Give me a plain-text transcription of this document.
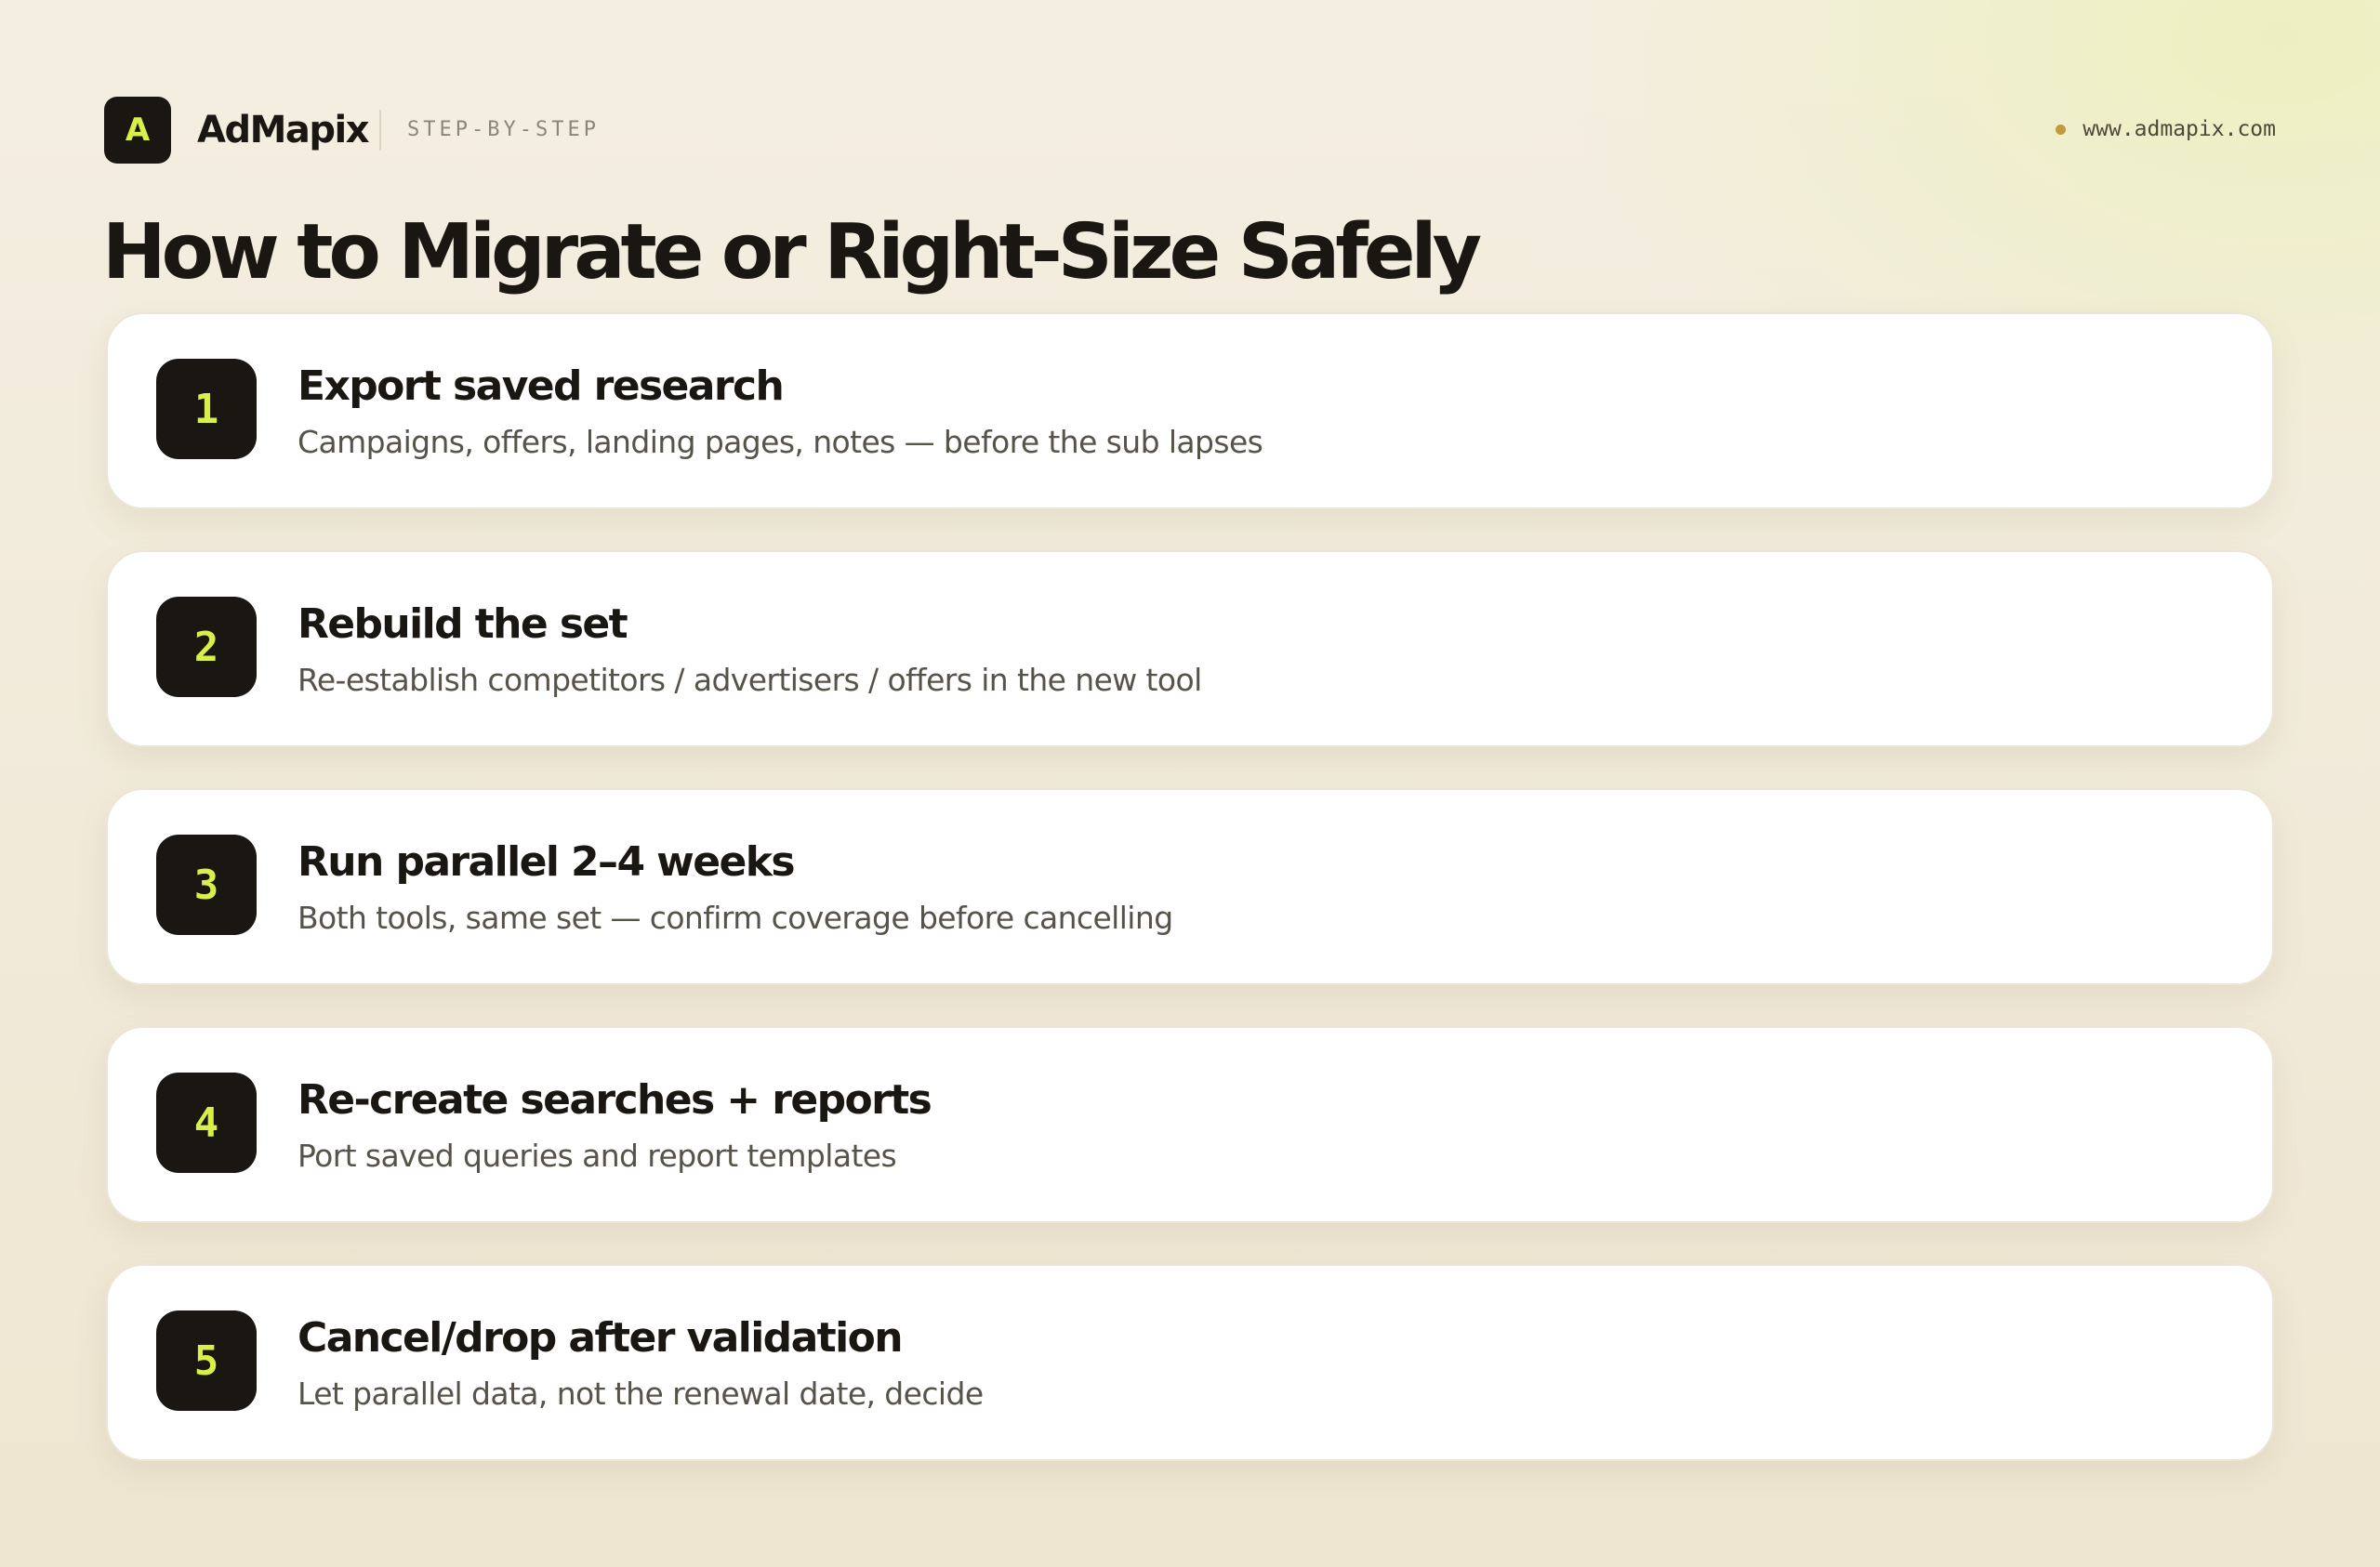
A AdMapix STEP-BY-STEP	www.admapix.com
How to Migrate or Right-Size Safely
1 Export saved research
Campaigns, offers, landing pages, notes — before the sub lapses
2 Rebuild the set
Re-establish competitors / advertisers / offers in the new tool
3 Run parallel 2–4 weeks
Both tools, same set — confirm coverage before cancelling
4 Re-create searches + reports
Port saved queries and report templates
5 Cancel/drop after validation
Let parallel data, not the renewal date, decide
